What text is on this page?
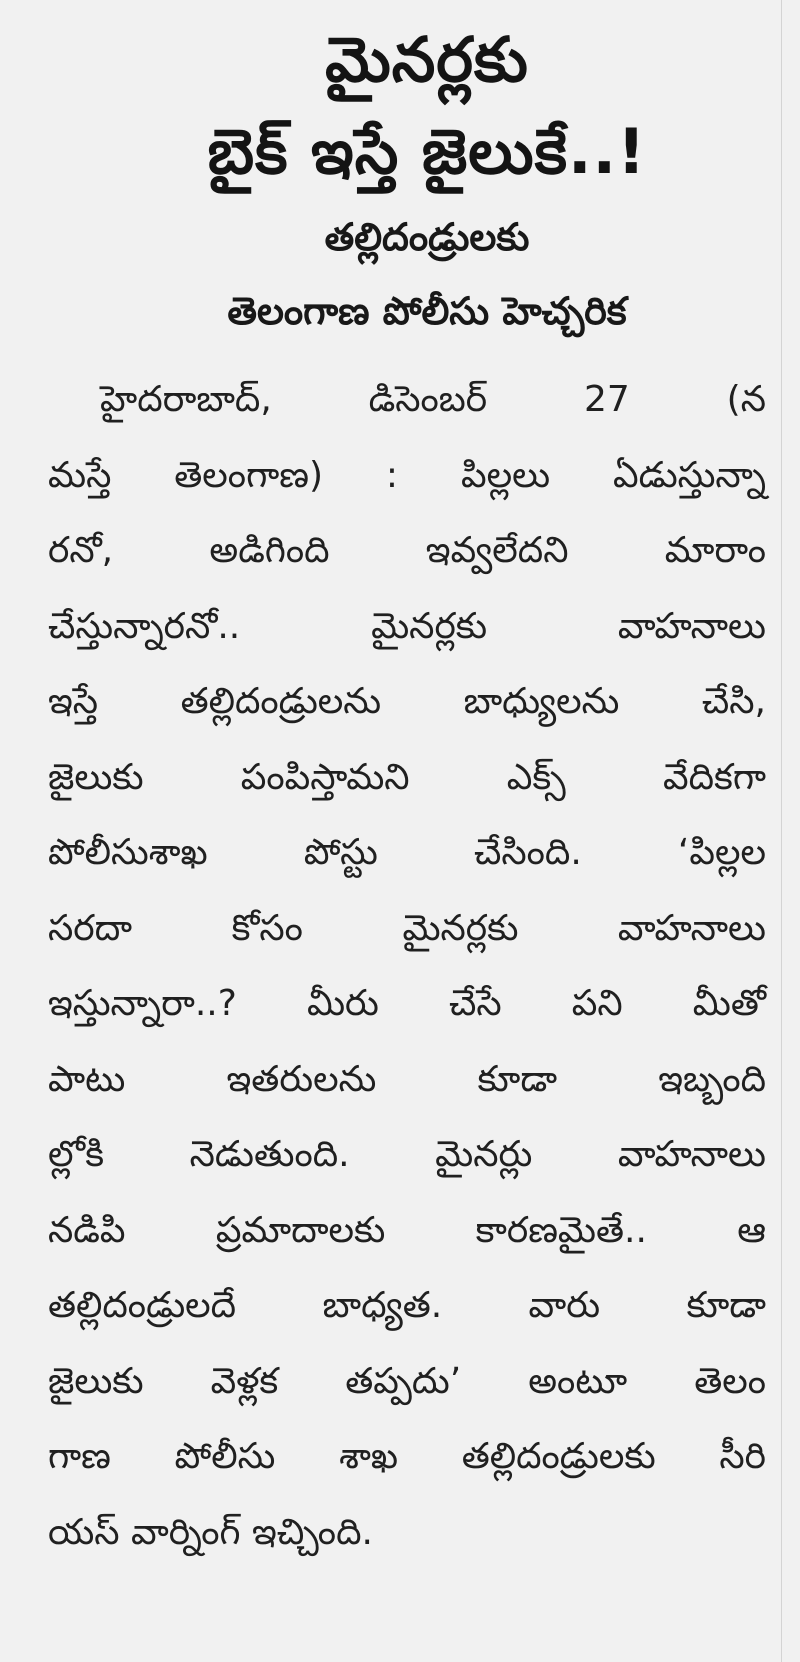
మైనర్లకు
బైక్ ఇస్తే జైలుకే..!
తల్లిదండ్రులకు
తెలంగాణ పోలీసు హెచ్చరిక
హైదరాబాద్, డిసెంబర్ 27 (న
మస్తే తెలంగాణ) : పిల్లలు ఏడుస్తున్నా
రనో, అడిగింది ఇవ్వలేదని మారాం
చేస్తున్నారనో.. మైనర్లకు వాహనాలు
ఇస్తే తల్లిదండ్రులను బాధ్యులను చేసి,
జైలుకు పంపిస్తామని ఎక్స్ వేదికగా
పోలీసుశాఖ పోస్టు చేసింది. ‘పిల్లల
సరదా కోసం మైనర్లకు వాహనాలు
ఇస్తున్నారా..? మీరు చేసే పని మీతో
పాటు ఇతరులను కూడా ఇబ్బంది
ల్లోకి నెడుతుంది. మైనర్లు వాహనాలు
నడిపి ప్రమాదాలకు కారణమైతే.. ఆ
తల్లిదండ్రులదే బాధ్యత. వారు కూడా
జైలుకు వెళ్లక తప్పదు’ అంటూ తెలం
గాణ పోలీసు శాఖ తల్లిదండ్రులకు సీరి
యస్ వార్నింగ్ ఇచ్చింది.
